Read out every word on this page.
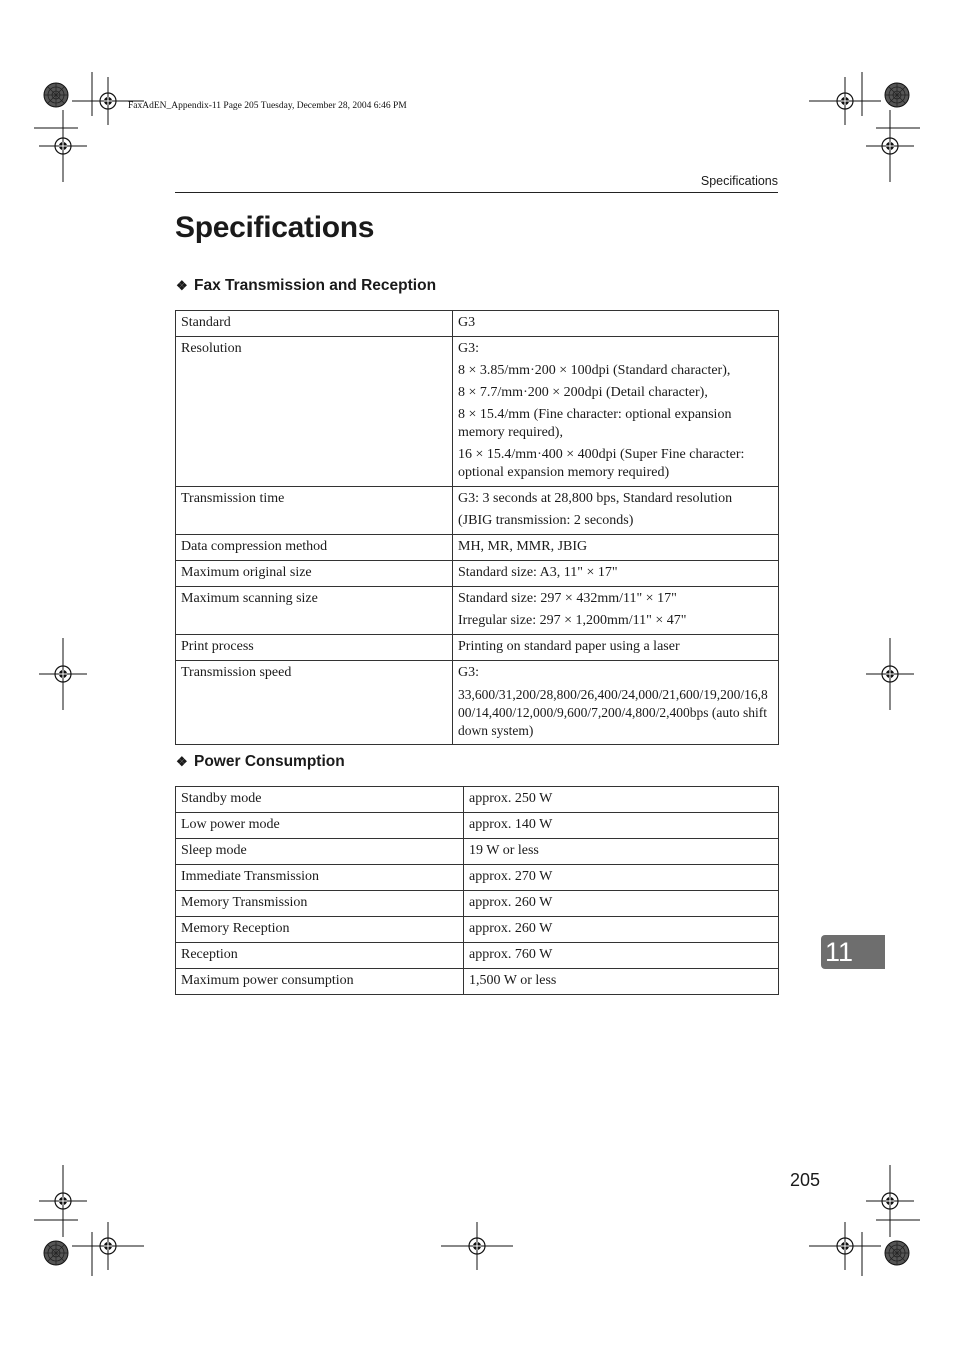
FaxAdEN_Appendix-11 Page 205 Tuesday, December 28, 2004 6:46 PM
Specifications
Specifications
❖ Fax Transmission and Reception
Standard	G3

Resolution	G3:

8 × 3.85/mm·200 × 100dpi (Standard character),

8 × 7.7/mm·200 × 200dpi (Detail character),

8 × 15.4/mm (Fine character: optional expansion memory required),

16 × 15.4/mm·400 × 400dpi (Super Fine character: optional expansion memory required)

Transmission time	G3: 3 seconds at 28,800 bps, Standard resolution

(JBIG transmission: 2 seconds)

Data compression method	MH, MR, MMR, JBIG

Maximum original size	Standard size: A3, 11" × 17"

Maximum scanning size	Standard size: 297 × 432mm/11" × 17"

Irregular size: 297 × 1,200mm/11" × 47"

Print process	Printing on standard paper using a laser

Transmission speed	G3:

33,600/31,200/28,800/26,400/24,000/21,600/19,200/16,800/14,400/12,000/9,600/7,200/4,800/2,400bps (auto shift down system)

❖ Power Consumption
Standby mode	approx. 250 W
Low power mode	approx. 140 W
Sleep mode	19 W or less
Immediate Transmission	approx. 270 W
Memory Transmission	approx. 260 W
Memory Reception	approx. 260 W
Reception	approx. 760 W
Maximum power consumption	1,500 W or less
11
205
